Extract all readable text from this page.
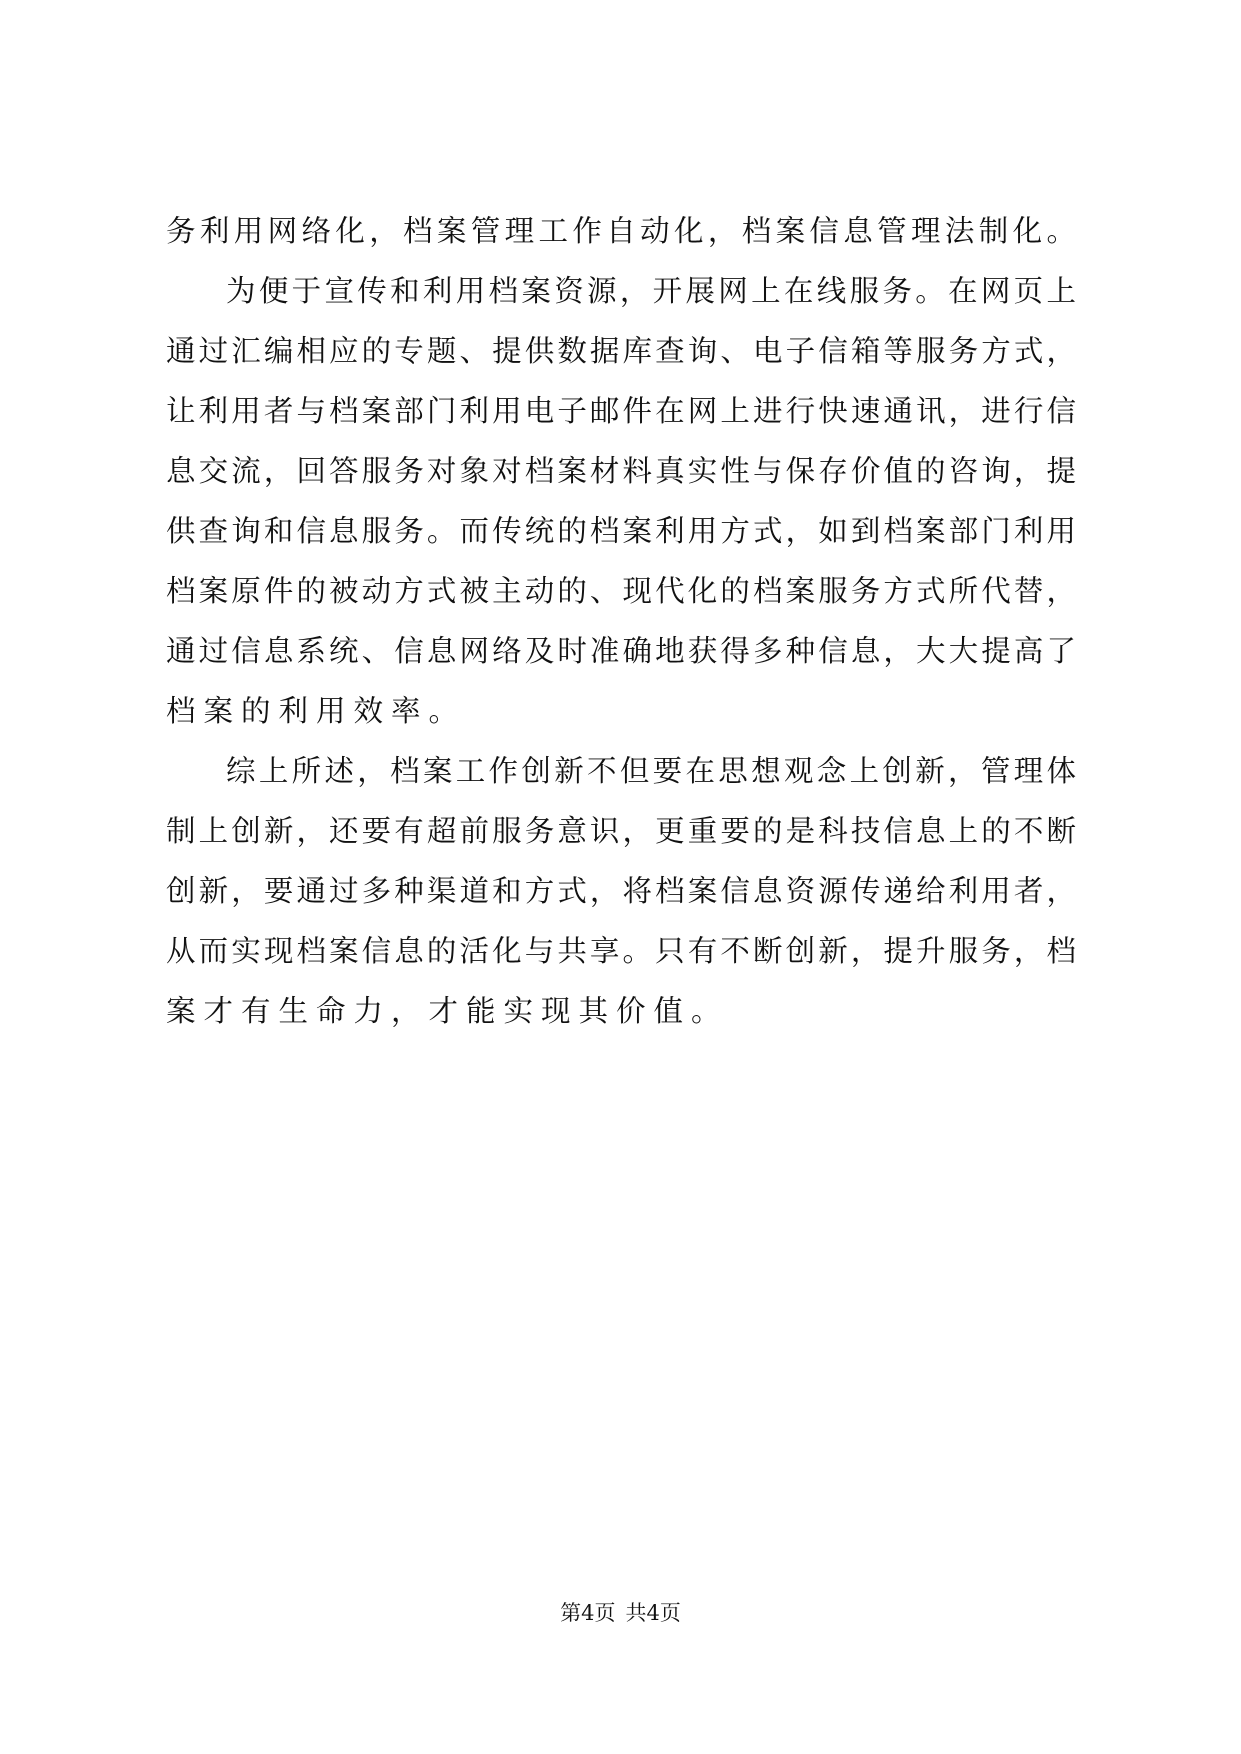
务利用网络化，档案管理工作自动化，档案信息管理法制化。
为便于宣传和利用档案资源，开展网上在线服务。在网页上
通过汇编相应的专题、提供数据库查询、电子信箱等服务方式，
让利用者与档案部门利用电子邮件在网上进行快速通讯，进行信
息交流，回答服务对象对档案材料真实性与保存价值的咨询，提
供查询和信息服务。而传统的档案利用方式，如到档案部门利用
档案原件的被动方式被主动的、现代化的档案服务方式所代替，
通过信息系统、信息网络及时准确地获得多种信息，大大提高了
档案的利用效率。
综上所述，档案工作创新不但要在思想观念上创新，管理体
制上创新，还要有超前服务意识，更重要的是科技信息上的不断
创新，要通过多种渠道和方式，将档案信息资源传递给利用者，
从而实现档案信息的活化与共享。只有不断创新，提升服务，档
案才有生命力，才能实现其价值。
第4页 共4页
